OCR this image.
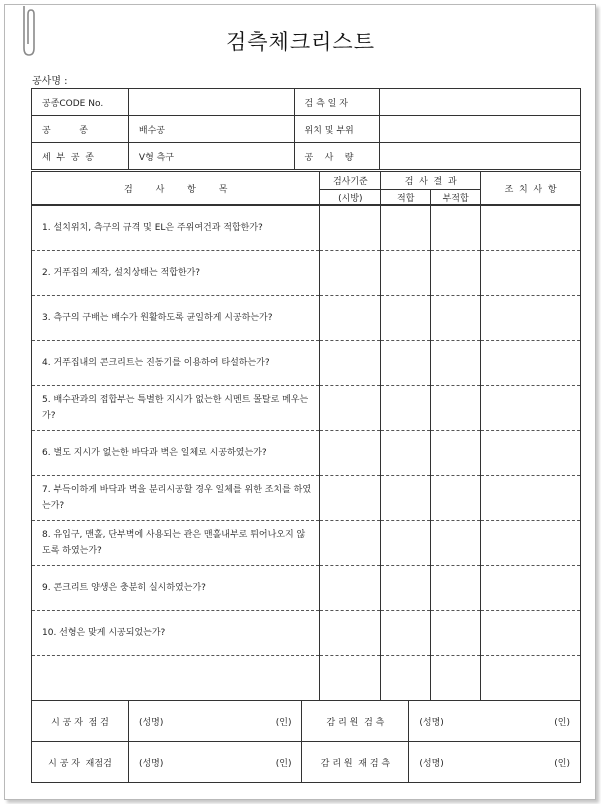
검측체크리스트
공사명 :
공종CODE No.		검 측 일 자	
공          종	배수공	위치 및 부위	
세  부  공  종	V형 측구	공    사    량	
검        사        항        목	검사기준	검  사  결  과		조  치  사  항
	(시방)	적합	부적합	
1. 설치위치, 측구의 규격 및 EL은 주위여건과 적합한가?				
2. 거푸집의 제작, 설치상태는 적합한가?				
3. 측구의 구배는 배수가 원활하도록 균일하게 시공하는가?				
4. 거푸집내의 콘크리트는 진동기를 이용하여 타설하는가?				
5. 배수관과의 접합부는 특별한 지시가 없는한 시멘트 몰탈로 메우는가?				
6. 별도 지시가 없는한 바닥과 벽은 일체로 시공하였는가?				
7. 부득이하게 바닥과 벽을 분리시공할 경우 일체를 위한 조치를 하였는가?				
8. 유입구, 맨홀, 단부벽에 사용되는 관은 맨홀내부로 튀어나오지 않도록 하였는가?				
9. 콘크리트 양생은 충분히 실시하였는가?				
10. 선형은 맞게 시공되었는가?				

시 공 자  점 검	(성명)	(인)	감 리 원  검 측	(성명)	(인)
시 공 자  재점검	(성명)	(인)	감 리 원  재 검 측	(성명)	(인)
